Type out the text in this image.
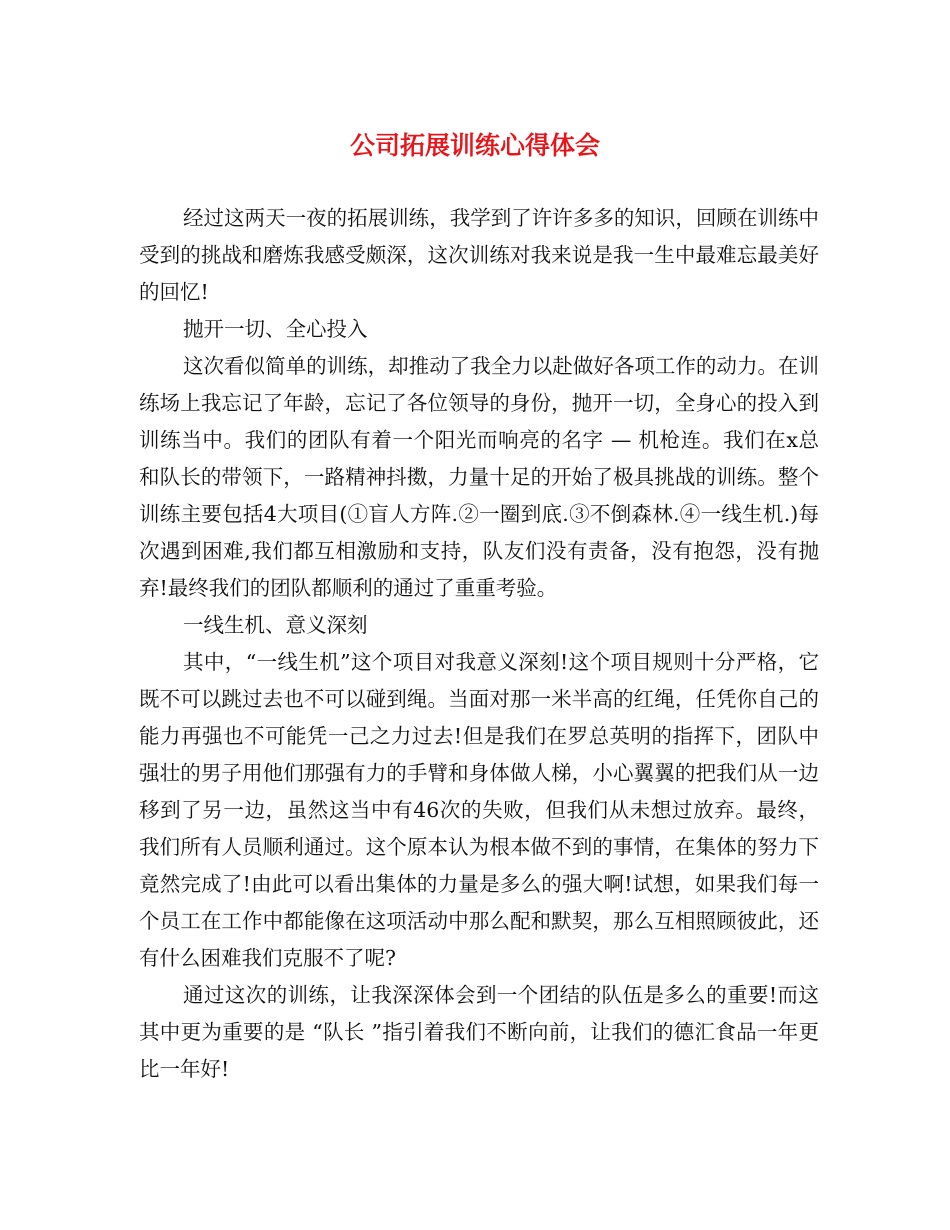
公司拓展训练心得体会

经过这两天一夜的拓展训练，我学到了许许多多的知识，回顾在训练中受到的挑战和磨炼我感受颇深，这次训练对我来说是我一生中最难忘最美好的回忆!

抛开一切、全心投入

这次看似简单的训练，却推动了我全力以赴做好各项工作的动力。在训练场上我忘记了年龄，忘记了各位领导的身份，抛开一切，全身心的投入到训练当中。我们的团队有着一个阳光而响亮的名字 — 机枪连。我们在x总和队长的带领下，一路精神抖擞，力量十足的开始了极具挑战的训练。整个训练主要包括4大项目(①盲人方阵.②一圈到底.③不倒森林.④一线生机.)每次遇到困难,我们都互相激励和支持，队友们没有责备，没有抱怨，没有抛弃!最终我们的团队都顺利的通过了重重考验。

一线生机、意义深刻

其中，“一线生机”这个项目对我意义深刻!这个项目规则十分严格，它既不可以跳过去也不可以碰到绳。当面对那一米半高的红绳，任凭你自己的能力再强也不可能凭一己之力过去!但是我们在罗总英明的指挥下，团队中强壮的男子用他们那强有力的手臂和身体做人梯，小心翼翼的把我们从一边移到了另一边，虽然这当中有46次的失败，但我们从未想过放弃。最终，我们所有人员顺利通过。这个原本认为根本做不到的事情，在集体的努力下竟然完成了!由此可以看出集体的力量是多么的强大啊!试想，如果我们每一个员工在工作中都能像在这项活动中那么配和默契，那么互相照顾彼此，还有什么困难我们克服不了呢?

通过这次的训练，让我深深体会到一个团结的队伍是多么的重要!而这其中更为重要的是 “队长 ”指引着我们不断向前，让我们的德汇食品一年更比一年好!
